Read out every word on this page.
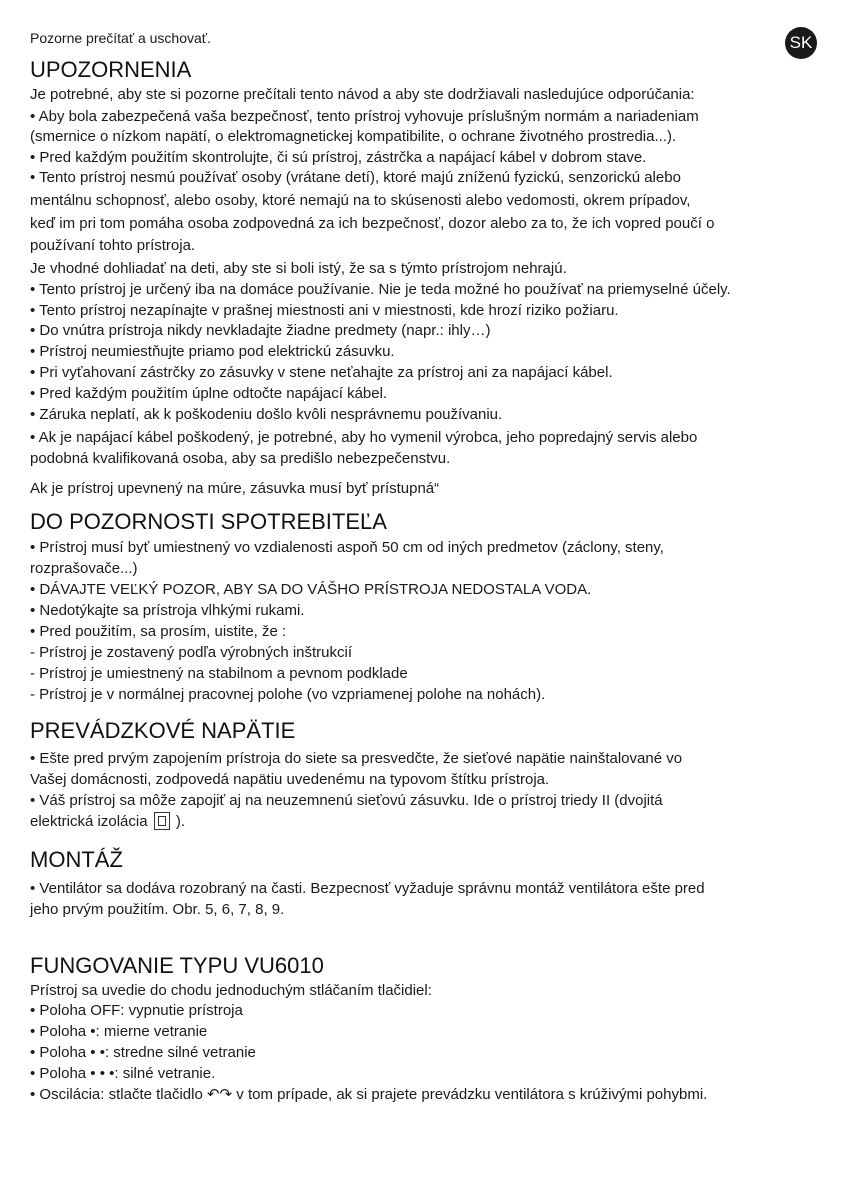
SK
Pozorne prečítať a uschovať.
UPOZORNENIA
Je potrebné, aby ste si pozorne prečítali tento návod a aby ste dodržiavali nasledujúce odporúčania:
• Aby bola zabezpečená vaša bezpečnosť, tento prístroj vyhovuje príslušným normám a nariadeniam
(smernice o nízkom napätí, o elektromagnetickej kompatibilite, o ochrane životného prostredia...).
• Pred každým použitím skontrolujte, či sú prístroj, zástrčka a napájací kábel v dobrom stave.
• Tento prístroj nesmú používať osoby (vrátane detí), ktoré majú zníženú fyzickú, senzorickú alebo
mentálnu schopnosť, alebo osoby, ktoré nemajú na to skúsenosti alebo vedomosti, okrem prípadov,
keď im pri tom pomáha osoba zodpovedná za ich bezpečnosť, dozor alebo za to, že ich vopred poučí o
používaní tohto prístroja.
Je vhodné dohliadať na deti, aby ste si boli istý, že sa s týmto prístrojom nehrajú.
• Tento prístroj je určený iba na domáce používanie. Nie je teda možné ho používať na priemyselné účely.
• Tento prístroj nezapínajte v prašnej miestnosti ani v miestnosti, kde hrozí riziko požiaru.
• Do vnútra prístroja nikdy nevkladajte žiadne predmety (napr.: ihly…)
• Prístroj neumiestňujte priamo pod elektrickú zásuvku.
• Pri vyťahovaní zástrčky zo zásuvky v stene neťahajte za prístroj ani za napájací kábel.
• Pred každým použitím úplne odtočte napájací kábel.
• Záruka neplatí, ak k poškodeniu došlo kvôli nesprávnemu používaniu.
• Ak je napájací kábel poškodený, je potrebné, aby ho vymenil výrobca, jeho popredajný servis alebo
podobná kvalifikovaná osoba, aby sa predišlo nebezpečenstvu.
Ak je prístroj upevnený na múre, zásuvka musí byť prístupná“
DO POZORNOSTI SPOTREBITEĽA
• Prístroj musí byť umiestnený vo vzdialenosti aspoň 50 cm od iných predmetov (záclony, steny,
rozprašovače...)
• DÁVAJTE VEĽKÝ POZOR, ABY SA DO VÁŠHO PRÍSTROJA NEDOSTALA VODA.
• Nedotýkajte sa prístroja vlhkými rukami.
• Pred použitím, sa prosím, uistite, že :
- Prístroj je zostavený podľa výrobných inštrukcií
- Prístroj je umiestnený na stabilnom a pevnom podklade
- Prístroj je v normálnej pracovnej polohe (vo vzpriamenej polohe na nohách).
PREVÁDZKOVÉ NAPÄTIE
• Ešte pred prvým zapojením prístroja do siete sa presvedčte, že sieťové napätie nainštalované vo
Vašej domácnosti, zodpovedá napätiu uvedenému na typovom štítku prístroja.
• Váš prístroj sa môže zapojiť aj na neuzemnenú sieťovú zásuvku. Ide o prístroj triedy II (dvojitá
elektrická izolácia ).
MONTÁŽ
• Ventilátor sa dodáva rozobraný na časti. Bezpecnosť vyžaduje správnu montáž ventilátora ešte pred
jeho prvým použitím. Obr. 5, 6, 7, 8, 9.
FUNGOVANIE TYPU VU6010
Prístroj sa uvedie do chodu jednoduchým stláčaním tlačidiel:
• Poloha OFF: vypnutie prístroja
• Poloha •: mierne vetranie
• Poloha • •: stredne silné vetranie
• Poloha • • •: silné vetranie.
• Oscilácia: stlačte tlačidlo ↶↷ v tom prípade, ak si prajete prevádzku ventilátora s krúživými pohybmi.
